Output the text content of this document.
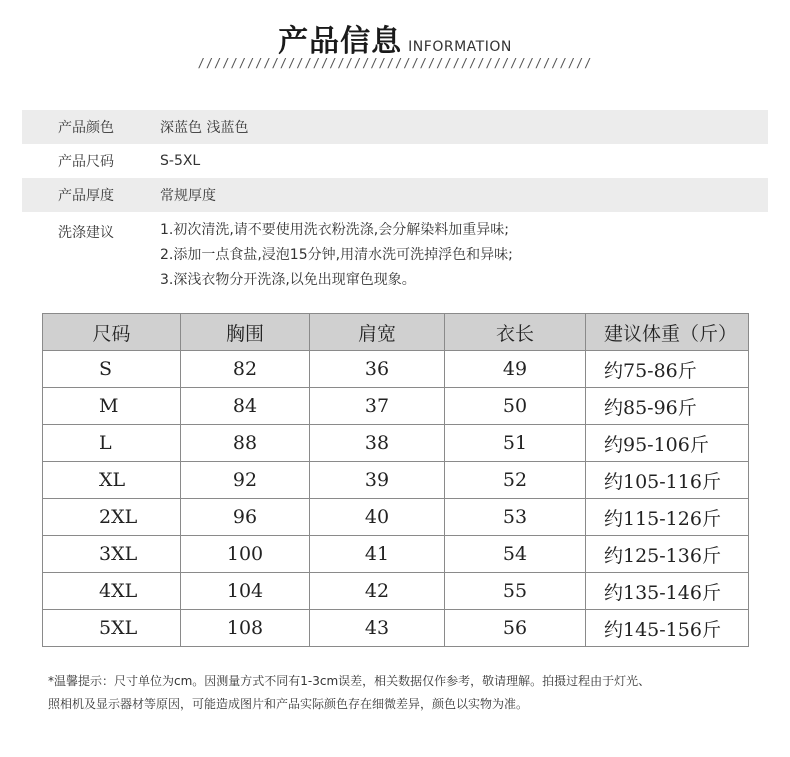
产品信息 INFORMATION
////////////////////////////////////////////////
产品颜色	深蓝色 浅蓝色
产品尺码	S-5XL
产品厚度	常规厚度
洗涤建议	1.初次清洗,请不要使用洗衣粉洗涤,会分解染料加重异味;
2.添加一点食盐,浸泡15分钟,用清水洗可洗掉浮色和异味;
3.深浅衣物分开洗涤,以免出现窜色现象。
尺码	胸围	肩宽	衣长	建议体重（斤）
S	82	36	49	约75-86斤
M	84	37	50	约85-96斤
L	88	38	51	约95-106斤
XL	92	39	52	约105-116斤
2XL	96	40	53	约115-126斤
3XL	100	41	54	约125-136斤
4XL	104	42	55	约135-146斤
5XL	108	43	56	约145-156斤
*温馨提示：尺寸单位为cm。因测量方式不同有1-3cm误差，相关数据仅作参考，敬请理解。拍摄过程由于灯光、
照相机及显示器材等原因，可能造成图片和产品实际颜色存在细微差异，颜色以实物为准。
